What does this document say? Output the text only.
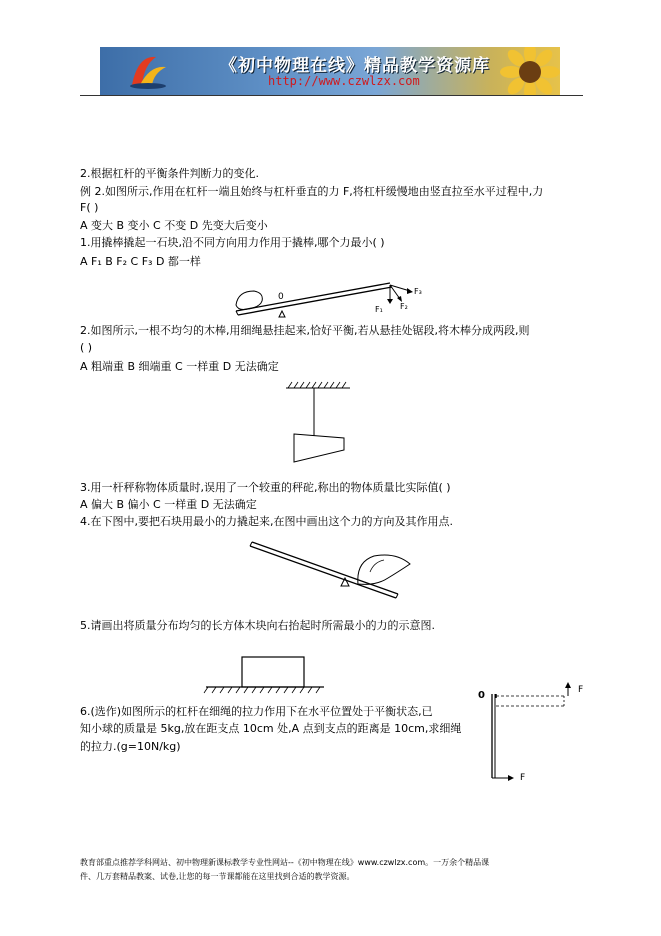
《初中物理在线》精品教学资源库
http://www.czwlzx.com
2.根据杠杆的平衡条件判断力的变化.
例 2.如图所示,作用在杠杆一端且始终与杠杆垂直的力 F,将杠杆缓慢地由竖直拉至水平过程中,力
F( )
A 变大 B 变小 C 不变 D 先变大后变小
1.用撬棒撬起一石块,沿不同方向用力作用于撬棒,哪个力最小( )
A F₁ B F₂ C F₃ D 都一样
0
F₁ F₂
F₃
2.如图所示,一根不均匀的木棒,用细绳悬挂起来,恰好平衡,若从悬挂处锯段,将木棒分成两段,则
( )
A 粗端重 B 细端重 C 一样重 D 无法确定
3.用一杆秤称物体质量时,误用了一个较重的秤砣,称出的物体质量比实际值( )
A 偏大 B 偏小 C 一样重 D 无法确定
4.在下图中,要把石块用最小的力撬起来,在图中画出这个力的方向及其作用点.
5.请画出将质量分布均匀的长方体木块向右抬起时所需最小的力的示意图.
6.(选作)如图所示的杠杆在细绳的拉力作用下在水平位置处于平衡状态,已
知小球的质量是 5kg,放在距支点 10cm 处,A 点到支点的距离是 10cm,求细绳
的拉力.(g=10N/kg)
0	F
F
教育部重点推荐学科网站、初中物理新课标教学专业性网站--《初中物理在线》www.czwlzx.com。一万余个精品课
件、几万套精品教案、试卷,让您的每一节课都能在这里找到合适的教学资源。
